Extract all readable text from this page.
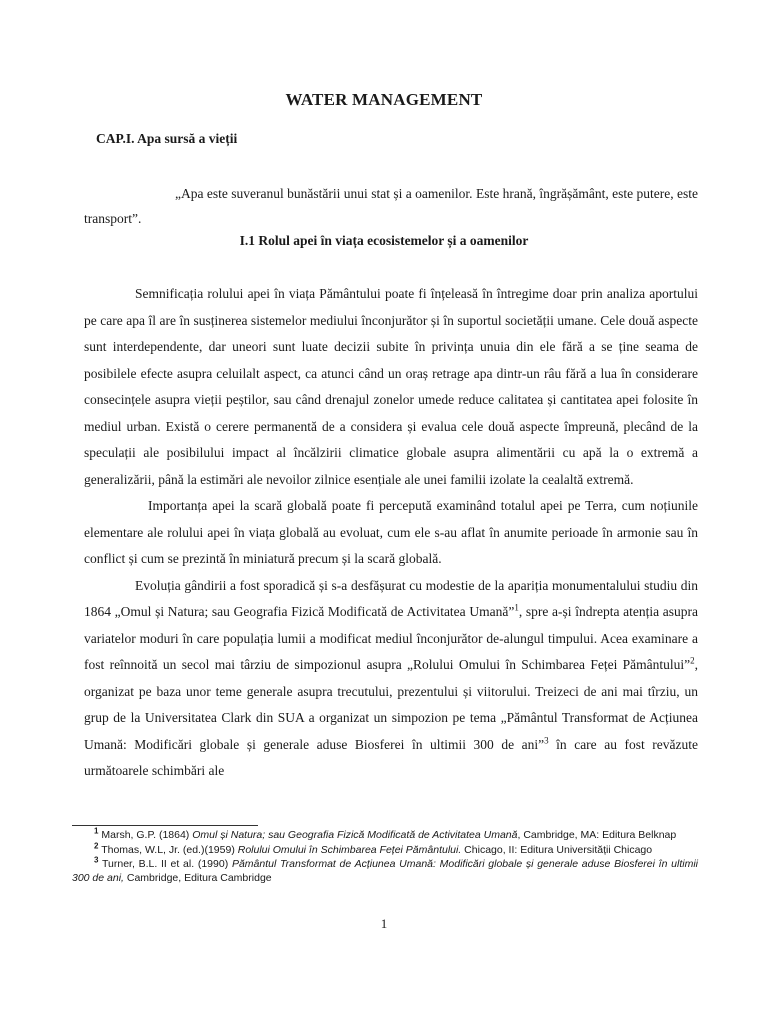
WATER MANAGEMENT
CAP.I. Apa sursă a vieții
„Apa este suveranul bunăstării unui stat și a oamenilor. Este hrană, îngrășământ, este putere, este transport”.
I.1 Rolul apei în viața ecosistemelor și a oamenilor

Semnificația rolului apei în viața Pământului poate fi înțeleasă în întregime doar prin analiza aportului pe care apa îl are în susținerea sistemelor mediului înconjurător și în suportul societății umane. Cele două aspecte sunt interdependente, dar uneori sunt luate decizii subite în privința unuia din ele fără a se ține seama de posibilele efecte asupra celuilalt aspect, ca atunci când un oraș retrage apa dintr-un râu fără a lua în considerare consecințele asupra vieții peștilor, sau când drenajul zonelor umede reduce calitatea și cantitatea apei folosite în mediul urban. Există o cerere permanentă de a considera și evalua cele două aspecte împreună, plecând de la speculații ale posibilului impact al încălzirii climatice globale asupra alimentării cu apă la o extremă a generalizării, până la estimări ale nevoilor zilnice esențiale ale unei familii izolate la cealaltă extremă.

Importanța apei la scară globală poate fi percepută examinând totalul apei pe Terra, cum noțiunile elementare ale rolului apei în viața globală au evoluat, cum ele s-au aflat în anumite perioade în armonie sau în conflict și cum se prezintă în miniatură precum și la scară globală.

Evoluția gândirii a fost sporadică și s-a desfășurat cu modestie de la apariția monumentalului studiu din 1864 „Omul și Natura; sau Geografia Fizică Modificată de Activitatea Umană”$^1$, spre a-și îndrepta atenția asupra variatelor moduri în care populația lumii a modificat mediul înconjurător de-alungul timpului. Acea examinare a fost reînnoită un secol mai târziu de simpozionul asupra „Rolului Omului în Schimbarea Feței Pământului”$^2$, organizat pe baza unor teme generale asupra trecutului, prezentului și viitorului. Treizeci de ani mai tîrziu, un grup de la Universitatea Clark din SUA a organizat un simpozion pe tema „Pământul Transformat de Acțiunea Umană: Modificări globale și generale aduse Biosferei în ultimii 300 de ani”$^3$ în care au fost revăzute următoarele schimbări ale

$^1$ Marsh, G.P. (1864) Omul și Natura; sau Geografia Fizică Modificată de Activitatea Umană, Cambridge, MA: Editura Belknap

$^2$ Thomas, W.L, Jr. (ed.)(1959) Rolului Omului în Schimbarea Feței Pământului. Chicago, II: Editura Universității Chicago

$^3$ Turner, B.L. II et al. (1990) Pământul Transformat de Acțiunea Umană: Modificări globale și generale aduse Biosferei în ultimii 300 de ani, Cambridge, Editura Cambridge

1
